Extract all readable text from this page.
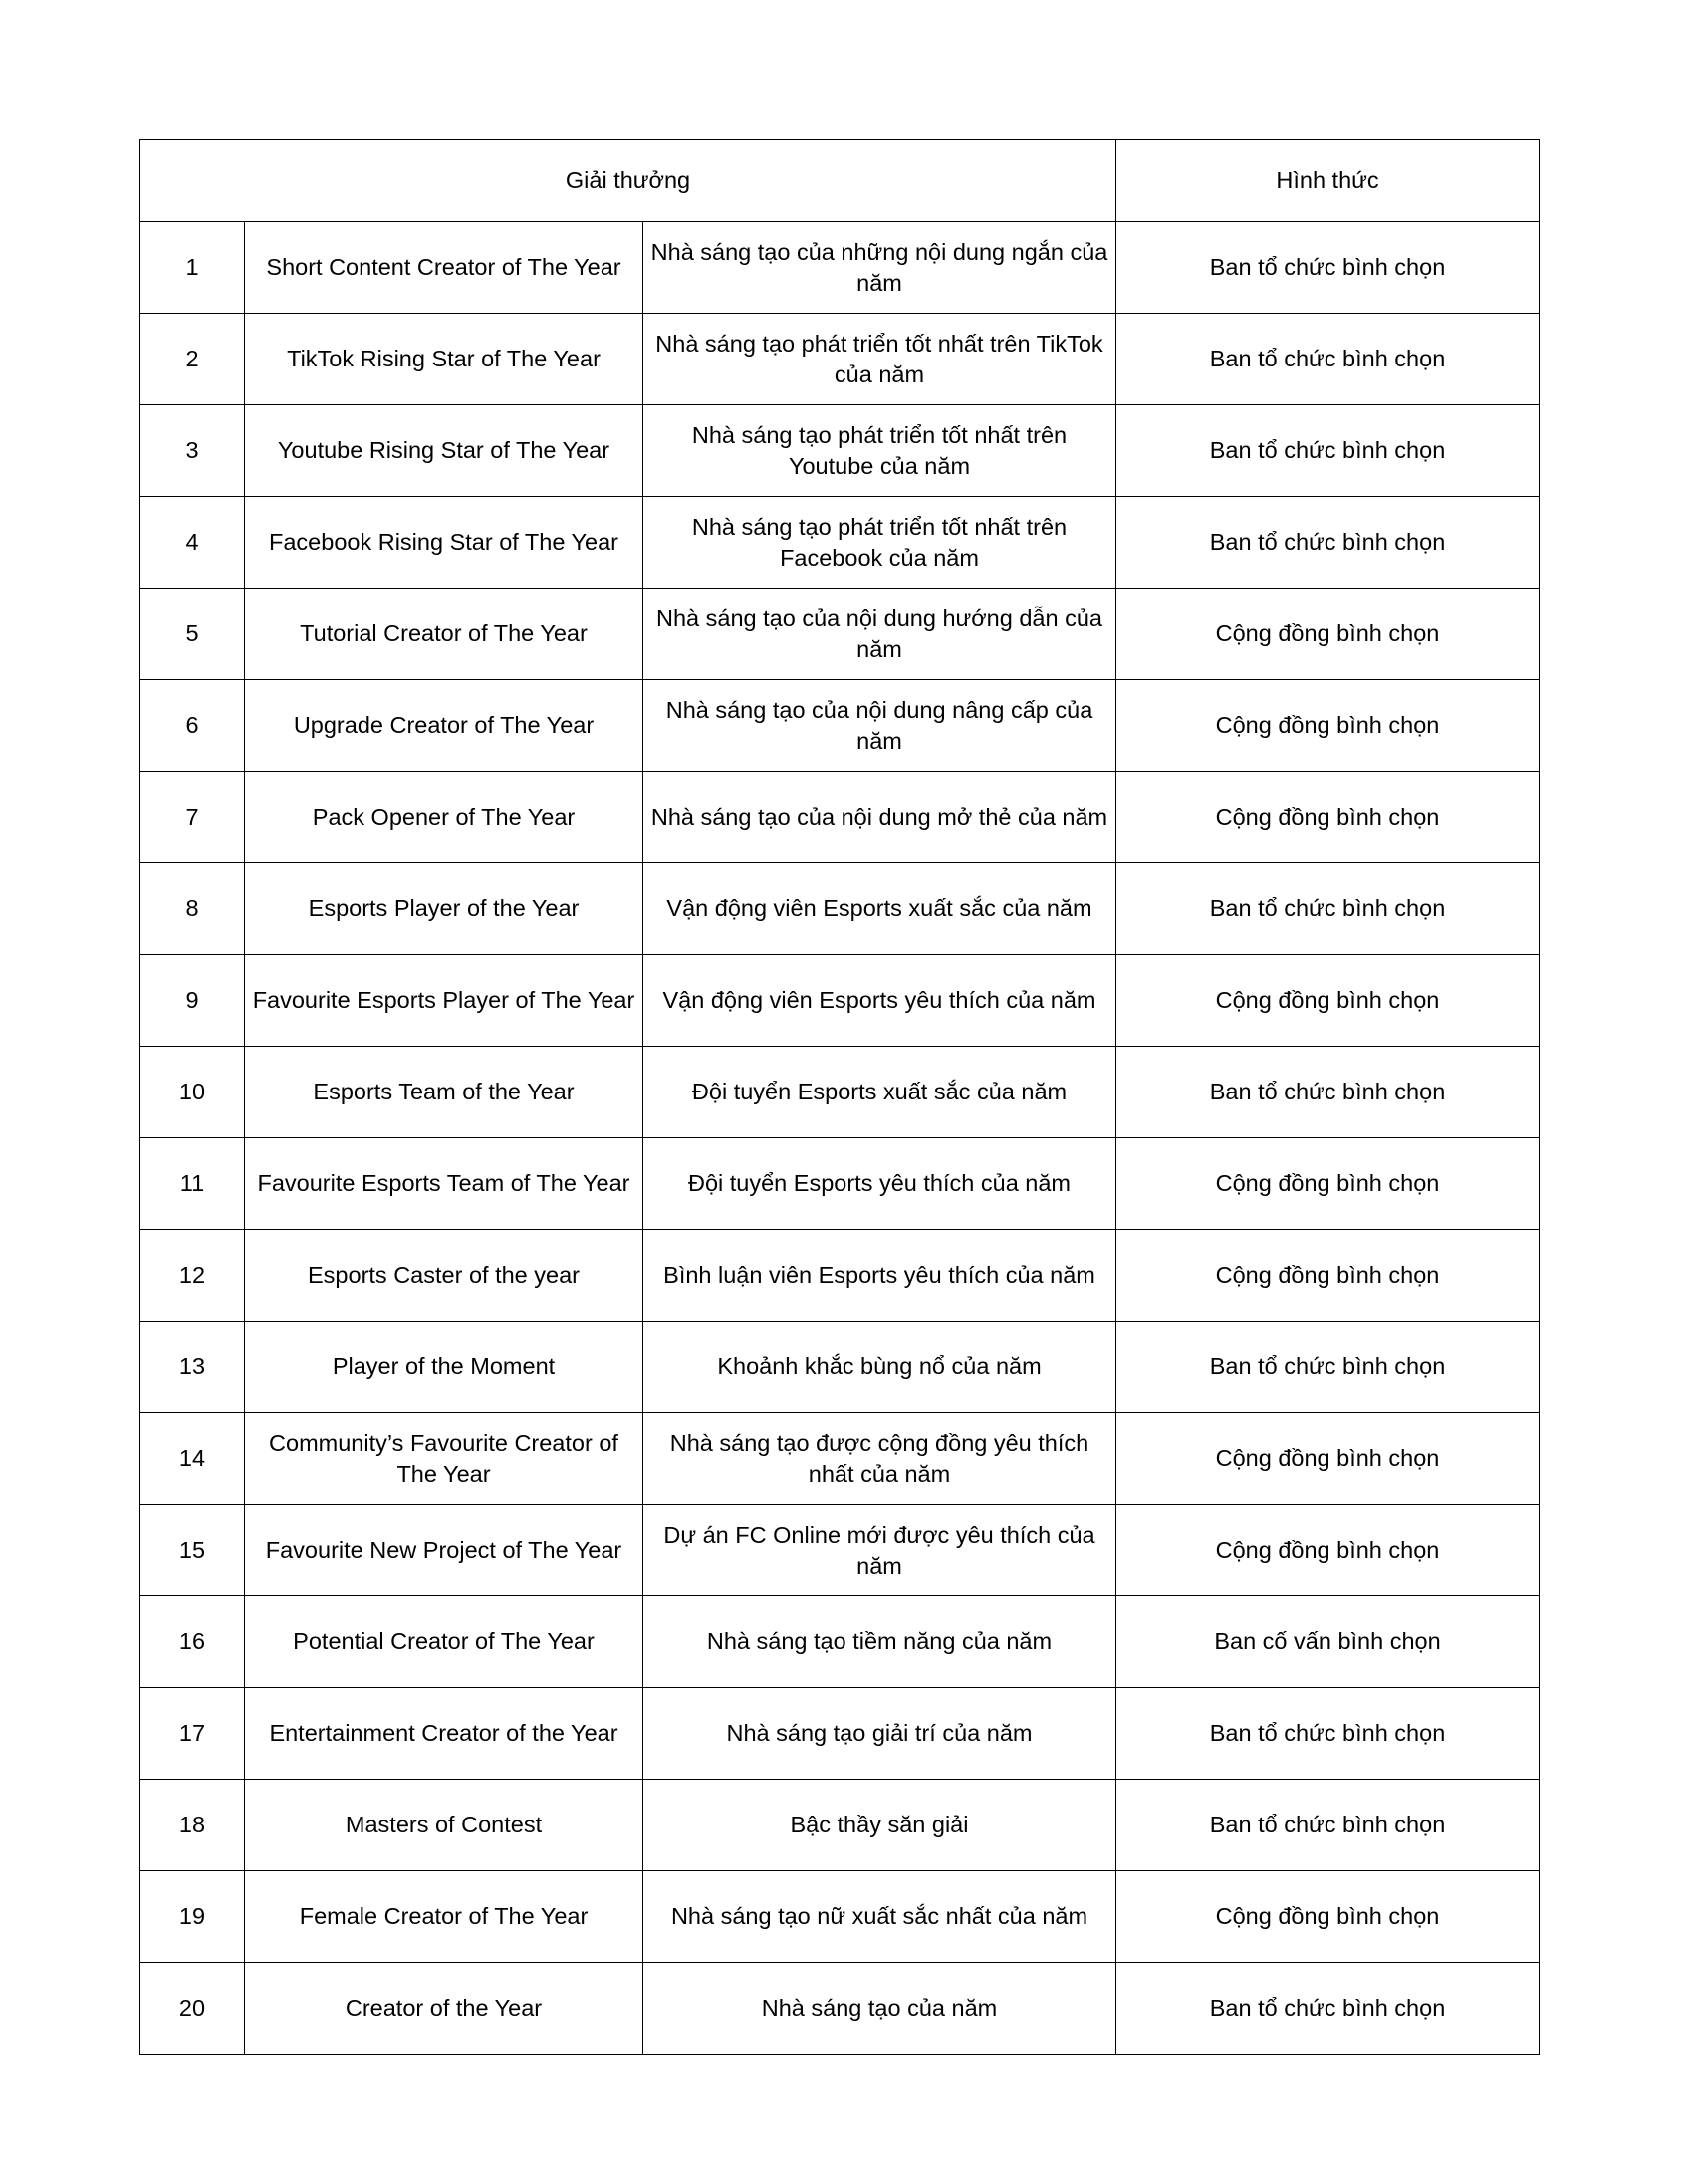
Giải thưởng			Hình thức
1	Short Content Creator of The Year	Nhà sáng tạo của những nội dung ngắn của năm	Ban tổ chức bình chọn
2	TikTok Rising Star of The Year	Nhà sáng tạo phát triển tốt nhất trên TikTok của năm	Ban tổ chức bình chọn
3	Youtube Rising Star of The Year	Nhà sáng tạo phát triển tốt nhất trên Youtube của năm	Ban tổ chức bình chọn
4	Facebook Rising Star of The Year	Nhà sáng tạo phát triển tốt nhất trên Facebook của năm	Ban tổ chức bình chọn
5	Tutorial Creator of The Year	Nhà sáng tạo của nội dung hướng dẫn của năm	Cộng đồng bình chọn
6	Upgrade Creator of The Year	Nhà sáng tạo của nội dung nâng cấp của năm	Cộng đồng bình chọn
7	Pack Opener of The Year	Nhà sáng tạo của nội dung mở thẻ của năm	Cộng đồng bình chọn
8	Esports Player of the Year	Vận động viên Esports xuất sắc của năm	Ban tổ chức bình chọn
9	Favourite Esports Player of The Year	Vận động viên Esports yêu thích của năm	Cộng đồng bình chọn
10	Esports Team of the Year	Đội tuyển Esports xuất sắc của năm	Ban tổ chức bình chọn
11	Favourite Esports Team of The Year	Đội tuyển Esports yêu thích của năm	Cộng đồng bình chọn
12	Esports Caster of the year	Bình luận viên Esports yêu thích của năm	Cộng đồng bình chọn
13	Player of the Moment	Khoảnh khắc bùng nổ của năm	Ban tổ chức bình chọn
14	Community’s Favourite Creator of The Year	Nhà sáng tạo được cộng đồng yêu thích nhất của năm	Cộng đồng bình chọn
15	Favourite New Project of The Year	Dự án FC Online mới được yêu thích của năm	Cộng đồng bình chọn
16	Potential Creator of The Year	Nhà sáng tạo tiềm năng của năm	Ban cố vấn bình chọn
17	Entertainment Creator of the Year	Nhà sáng tạo giải trí của năm	Ban tổ chức bình chọn
18	Masters of Contest	Bậc thầy săn giải	Ban tổ chức bình chọn
19	Female Creator of The Year	Nhà sáng tạo nữ xuất sắc nhất của năm	Cộng đồng bình chọn
20	Creator of the Year	Nhà sáng tạo của năm	Ban tổ chức bình chọn
